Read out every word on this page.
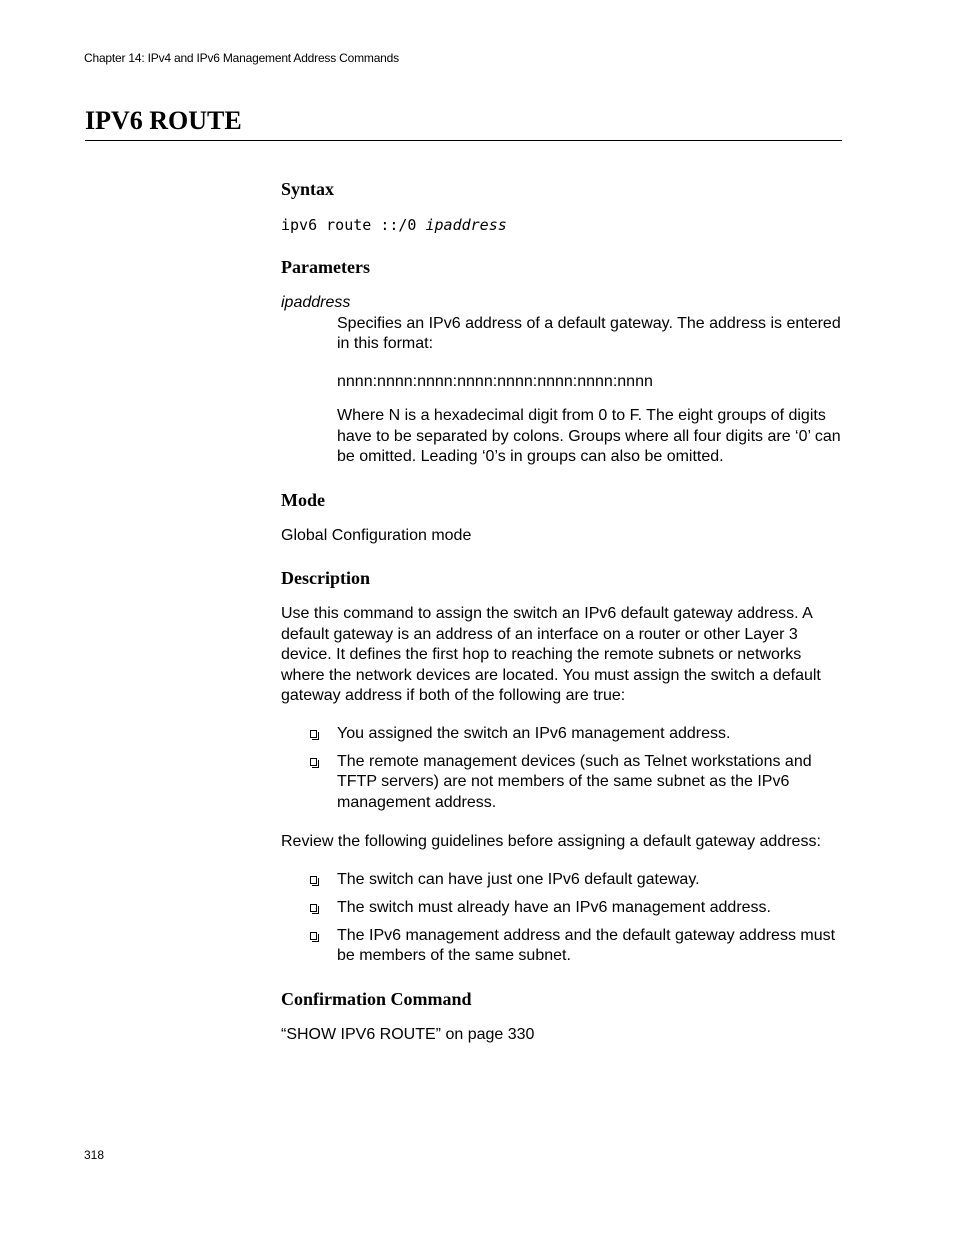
Chapter 14: IPv4 and IPv6 Management Address Commands
IPV6 ROUTE
Syntax
ipv6 route ::/0 ipaddress
Parameters
ipaddress

Specifies an IPv6 address of a default gateway. The address is entered in this format:

nnnn:nnnn:nnnn:nnnn:nnnn:nnnn:nnnn:nnnn

Where N is a hexadecimal digit from 0 to F. The eight groups of digits have to be separated by colons. Groups where all four digits are ‘0’ can be omitted. Leading ‘0’s in groups can also be omitted.

Mode

Global Configuration mode

Description

Use this command to assign the switch an IPv6 default gateway address. A default gateway is an address of an interface on a router or other Layer 3 device. It defines the first hop to reaching the remote subnets or networks where the network devices are located. You must assign the switch a default gateway address if both of the following are true:

You assigned the switch an IPv6 management address.
The remote management devices (such as Telnet workstations and TFTP servers) are not members of the same subnet as the IPv6 management address.

Review the following guidelines before assigning a default gateway address:

The switch can have just one IPv6 default gateway.
The switch must already have an IPv6 management address.
The IPv6 management address and the default gateway address must be members of the same subnet.
Confirmation Command

“SHOW IPV6 ROUTE” on page 330

318
